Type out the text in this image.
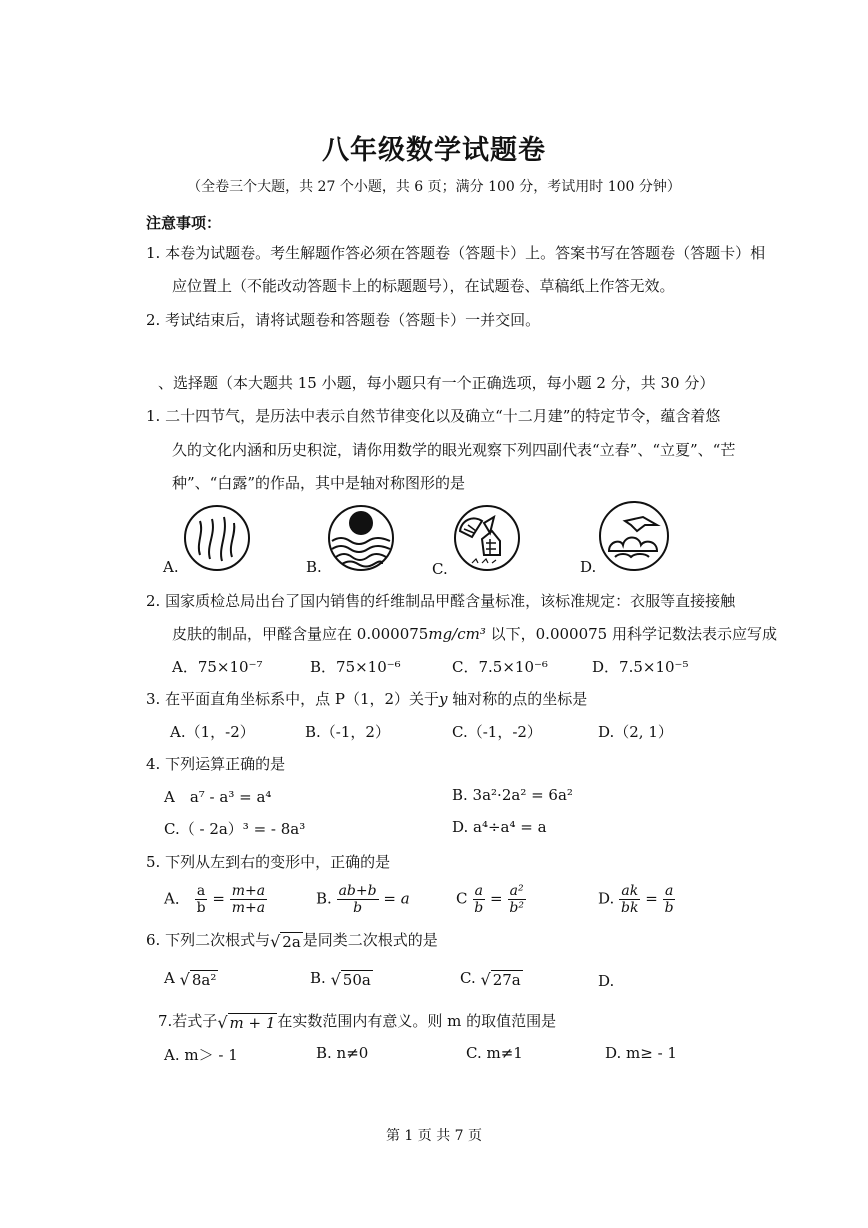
八年级数学试题卷
（全卷三个大题，共 27 个小题，共 6 页；满分 100 分，考试用时 100 分钟）
注意事项：
1. 本卷为试题卷。考生解题作答必须在答题卷（答题卡）上。答案书写在答题卷（答题卡）相
应位置上（不能改动答题卡上的标题题号），在试题卷、草稿纸上作答无效。
2. 考试结束后，请将试题卷和答题卷（答题卡）一并交回。
、选择题（本大题共 15 小题，每小题只有一个正确选项，每小题 2 分，共 30 分）
1. 二十四节气，是历法中表示自然节律变化以及确立“十二月建”的特定节令，蕴含着悠
久的文化内涵和历史积淀，请你用数学的眼光观察下列四副代表“立春”、“立夏”、“芒
种”、“白露”的作品，其中是轴对称图形的是
A.	B.	C.	D.
2. 国家质检总局出台了国内销售的纤维制品甲醛含量标准，该标准规定：衣服等直接接触
皮肤的制品，甲醛含量应在 0.000075mg/cm³ 以下，0.000075 用科学记数法表示应写成
A．75×10⁻⁷	B．75×10⁻⁶	C．7.5×10⁻⁶	D．7.5×10⁻⁵
3. 在平面直角坐标系中，点 P（1，2）关于y 轴对称的点的坐标是
A.（1，-2）	B.（-1，2）	C.（-1，-2）	D.（2, 1）
4. 下列运算正确的是
A　a⁷ - a³ = a⁴	B. 3a²·2a² = 6a²
C.（ - 2a）³ = - 8a³	D. a⁴÷a⁴ = a
5. 下列从左到右的变形中，正确的是
A． $\frac{a}{b} = \frac{m+a}{m+a}$	B. $\frac{ab+b}{b} = a$	C $\frac{a}{b} = \frac{\text{a²}}{\text{b²}}$	D. $\frac{ak}{bk} = \frac{a}{b}$
6. 下列二次根式与√ 2a 是同类二次根式的是
A √ 8a²	B. √ 50a	C. √ 27a	D.
7.若式子√ m + 1 在实数范围内有意义。则 m 的取值范围是
A. m＞ - 1	B. n≠0	C. m≠1	D. m≥ - 1
第 1 页 共 7 页
